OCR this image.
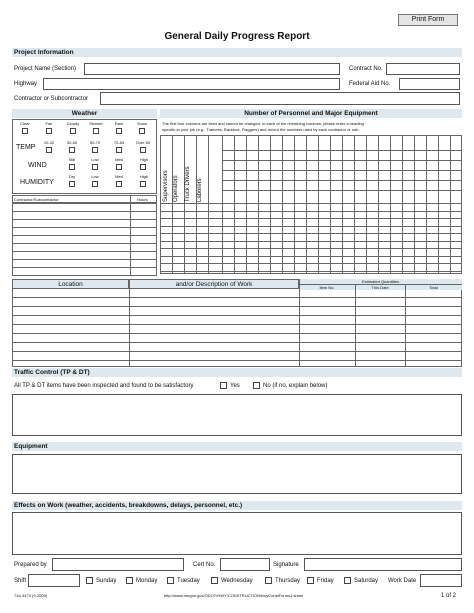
Print Form
General Daily Progress Report
Project Information
Project Name (Section)	Contract No.
Highway	Federal Aid No.
Contractor or Subcontractor
Weather	Number of Personnel and Major Equipment
Clear	Fair	Cloudy	Shower	Rain	Snow
TEMP
10-32	32-50	50-70	70-83	Over 83
WIND
Still	Low	Med	High
HUMIDITY
Dry	Low	Med	High
Contractor/Subcontractor	Hours

The first four columns are fixed and cannot be changed. In each of the remaining columns, please enter a heading
specific to your job (e.g., Trainees, Backhoe, Flaggers) and record the numbers used by each contractor or sub.
Supervisors Operators Truck Drivers Laborers
Location	and/or Description of Work	Estimated Quantities
Item No.	This Date	Total
Traffic Control (TP & DT)
All TP & DT items have been inspected and found to be satisfactory	Yes	No (if no, explain below)
Equipment
Effects on Work (weather, accidents, breakdowns, delays, personnel, etc.)
Prepared by	Cert No.	Signature
Shift	Sunday	Monday	Tuesday	Wednesday	Thursday	Friday	Saturday Work Date
734-3474 (9-2009)	http://www.oregon.gov/ODOT/HWY/CONSTRUCTION/hwyConstForms1.shtml	1 of 2
